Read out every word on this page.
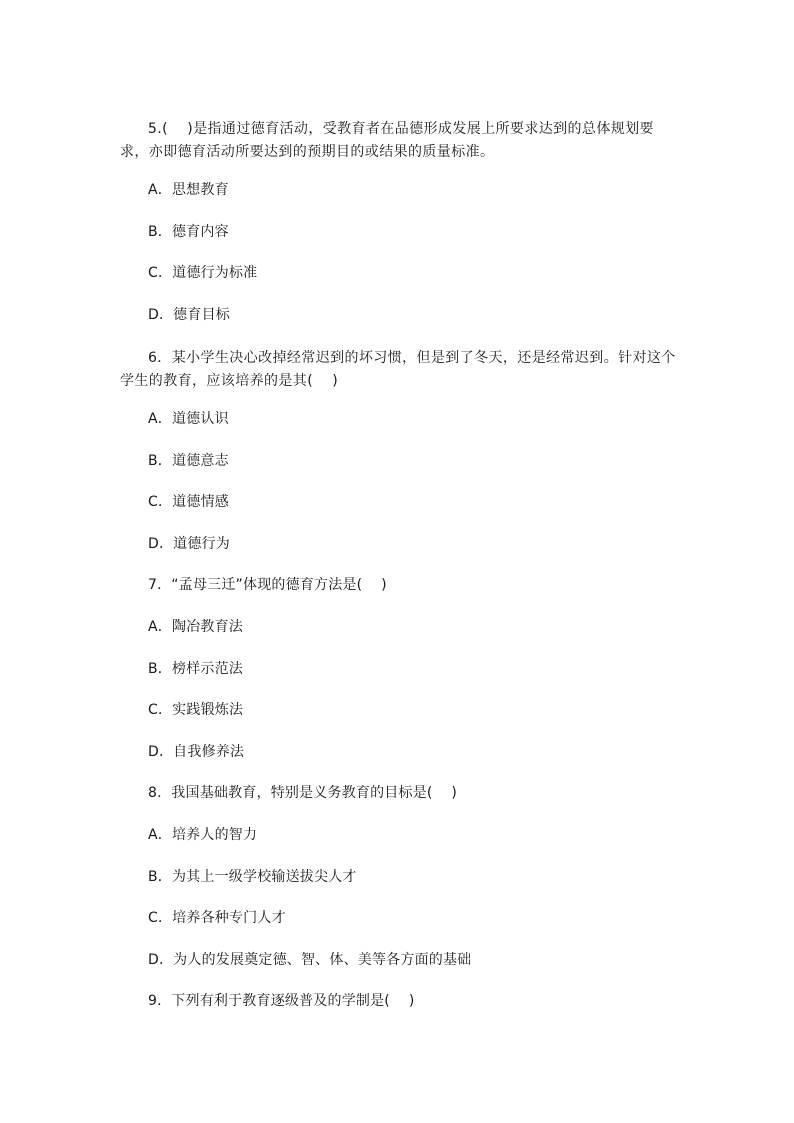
5.(　 )是指通过德育活动，受教育者在品德形成发展上所要求达到的总体规划要求，亦即德育活动所要达到的预期目的或结果的质量标准。
A．思想教育
B．德育内容
C．道德行为标准
D．德育目标
6．某小学生决心改掉经常迟到的坏习惯，但是到了冬天，还是经常迟到。针对这个学生的教育，应该培养的是其(　 )
A．道德认识
B．道德意志
C．道德情感
D．道德行为
7．“孟母三迁”体现的德育方法是(　 )
A．陶冶教育法
B．榜样示范法
C．实践锻炼法
D．自我修养法
8．我国基础教育，特别是义务教育的目标是(　 )
A．培养人的智力
B．为其上一级学校输送拔尖人才
C．培养各种专门人才
D．为人的发展奠定德、智、体、美等各方面的基础
9．下列有利于教育逐级普及的学制是(　 )
